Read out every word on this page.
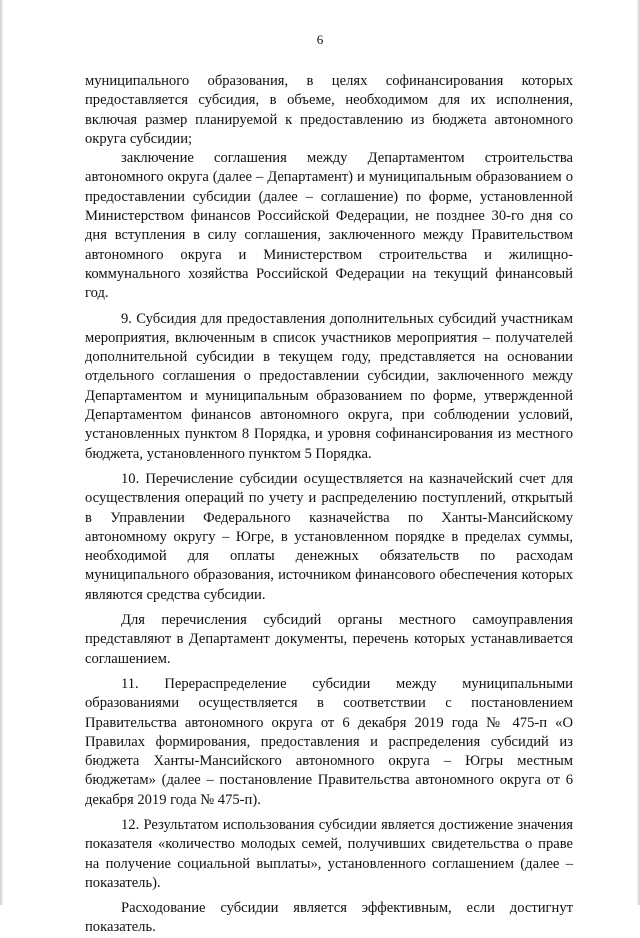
6

муниципального образования, в целях софинансирования которых предоставляется субсидия, в объеме, необходимом для их исполнения, включая размер планируемой к предоставлению из бюджета автономного округа субсидии;

заключение соглашения между Департаментом строительства автономного округа (далее – Департамент) и муниципальным образованием о предоставлении субсидии (далее – соглашение) по форме, установленной Министерством финансов Российской Федерации, не позднее 30-го дня со дня вступления в силу соглашения, заключенного между Правительством автономного округа и Министерством строительства и жилищно-коммунального хозяйства Российской Федерации на текущий финансовый год.

9. Субсидия для предоставления дополнительных субсидий участникам мероприятия, включенным в список участников мероприятия – получателей дополнительной субсидии в текущем году, представляется на основании отдельного соглашения о предоставлении субсидии, заключенного между Департаментом и муниципальным образованием по форме, утвержденной Департаментом финансов автономного округа, при соблюдении условий, установленных пунктом 8 Порядка, и уровня софинансирования из местного бюджета, установленного пунктом 5 Порядка.

10. Перечисление субсидии осуществляется на казначейский счет для осуществления операций по учету и распределению поступлений, открытый в Управлении Федерального казначейства по Ханты-Мансийскому автономному округу – Югре, в установленном порядке в пределах суммы, необходимой для оплаты денежных обязательств по расходам муниципального образования, источником финансового обеспечения которых являются средства субсидии.

Для перечисления субсидий органы местного самоуправления представляют в Департамент документы, перечень которых устанавливается соглашением.

11. Перераспределение субсидии между муниципальными образованиями осуществляется в соответствии с постановлением Правительства автономного округа от 6 декабря 2019 года № 475-п «О Правилах формирования, предоставления и распределения субсидий из бюджета Ханты-Мансийского автономного округа – Югры местным бюджетам» (далее – постановление Правительства автономного округа от 6 декабря 2019 года № 475-п).

12. Результатом использования субсидии является достижение значения показателя «количество молодых семей, получивших свидетельства о праве на получение социальной выплаты», установленного соглашением (далее – показатель).

Расходование субсидии является эффективным, если достигнут показатель.
